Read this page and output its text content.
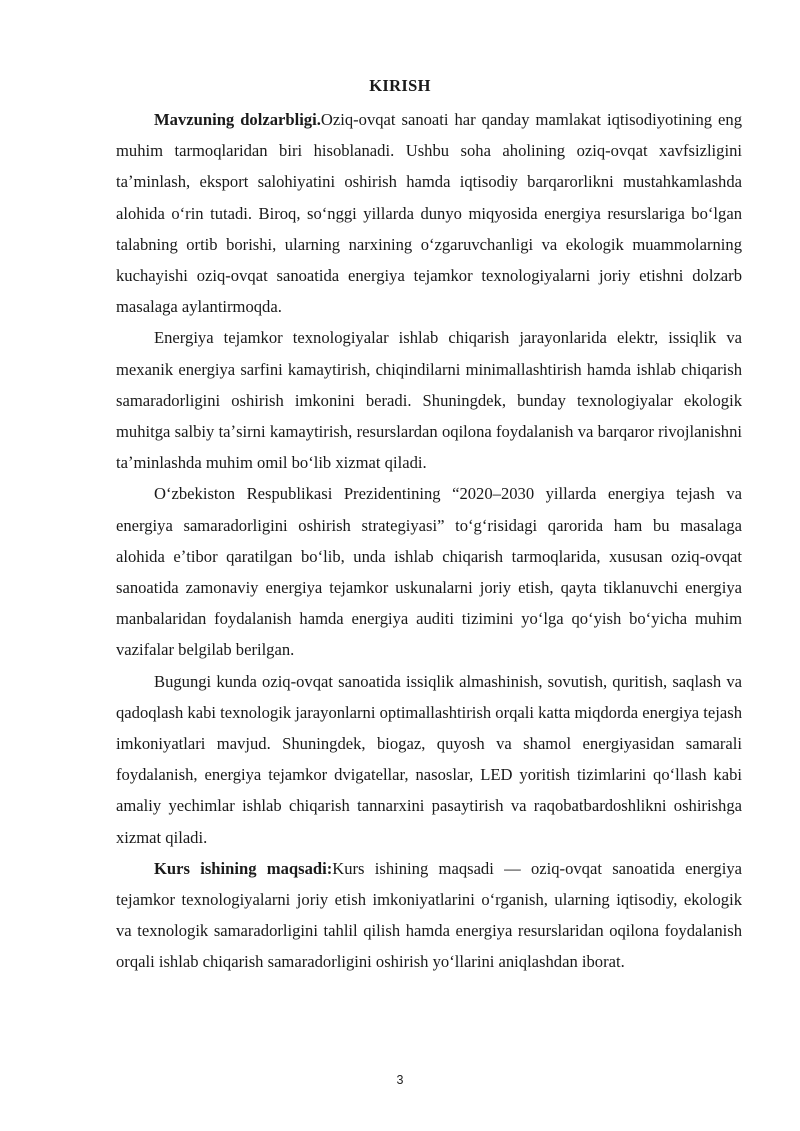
KIRISH

Mavzuning dolzarbligi.Oziq-ovqat sanoati har qanday mamlakat iqtisodiyotining eng muhim tarmoqlaridan biri hisoblanadi. Ushbu soha aholining oziq-ovqat xavfsizligini taʼminlash, eksport salohiyatini oshirish hamda iqtisodiy barqarorlikni mustahkamlashda alohida oʻrin tutadi. Biroq, soʻnggi yillarda dunyo miqyosida energiya resurslariga boʻlgan talabning ortib borishi, ularning narxining oʻzgaruvchanligi va ekologik muammolarning kuchayishi oziq-ovqat sanoatida energiya tejamkor texnologiyalarni joriy etishni dolzarb masalaga aylantirmoqda.

Energiya tejamkor texnologiyalar ishlab chiqarish jarayonlarida elektr, issiqlik va mexanik energiya sarfini kamaytirish, chiqindilarni minimallashtirish hamda ishlab chiqarish samaradorligini oshirish imkonini beradi. Shuningdek, bunday texnologiyalar ekologik muhitga salbiy taʼsirni kamaytirish, resurslardan oqilona foydalanish va barqaror rivojlanishni taʼminlashda muhim omil boʻlib xizmat qiladi.

Oʻzbekiston Respublikasi Prezidentining “2020–2030 yillarda energiya tejash va energiya samaradorligini oshirish strategiyasi” toʻgʻrisidagi qarorida ham bu masalaga alohida eʼtibor qaratilgan boʻlib, unda ishlab chiqarish tarmoqlarida, xususan oziq-ovqat sanoatida zamonaviy energiya tejamkor uskunalarni joriy etish, qayta tiklanuvchi energiya manbalaridan foydalanish hamda energiya auditi tizimini yoʻlga qoʻyish boʻyicha muhim vazifalar belgilab berilgan.

Bugungi kunda oziq-ovqat sanoatida issiqlik almashinish, sovutish, quritish, saqlash va qadoqlash kabi texnologik jarayonlarni optimallashtirish orqali katta miqdorda energiya tejash imkoniyatlari mavjud. Shuningdek, biogaz, quyosh va shamol energiyasidan samarali foydalanish, energiya tejamkor dvigatellar, nasoslar, LED yoritish tizimlarini qoʻllash kabi amaliy yechimlar ishlab chiqarish tannarxini pasaytirish va raqobatbardoshlikni oshirishga xizmat qiladi.

Kurs ishining maqsadi:Kurs ishining maqsadi — oziq-ovqat sanoatida energiya tejamkor texnologiyalarni joriy etish imkoniyatlarini oʻrganish, ularning iqtisodiy, ekologik va texnologik samaradorligini tahlil qilish hamda energiya resurslaridan oqilona foydalanish orqali ishlab chiqarish samaradorligini oshirish yoʻllarini aniqlashdan iborat.

3
